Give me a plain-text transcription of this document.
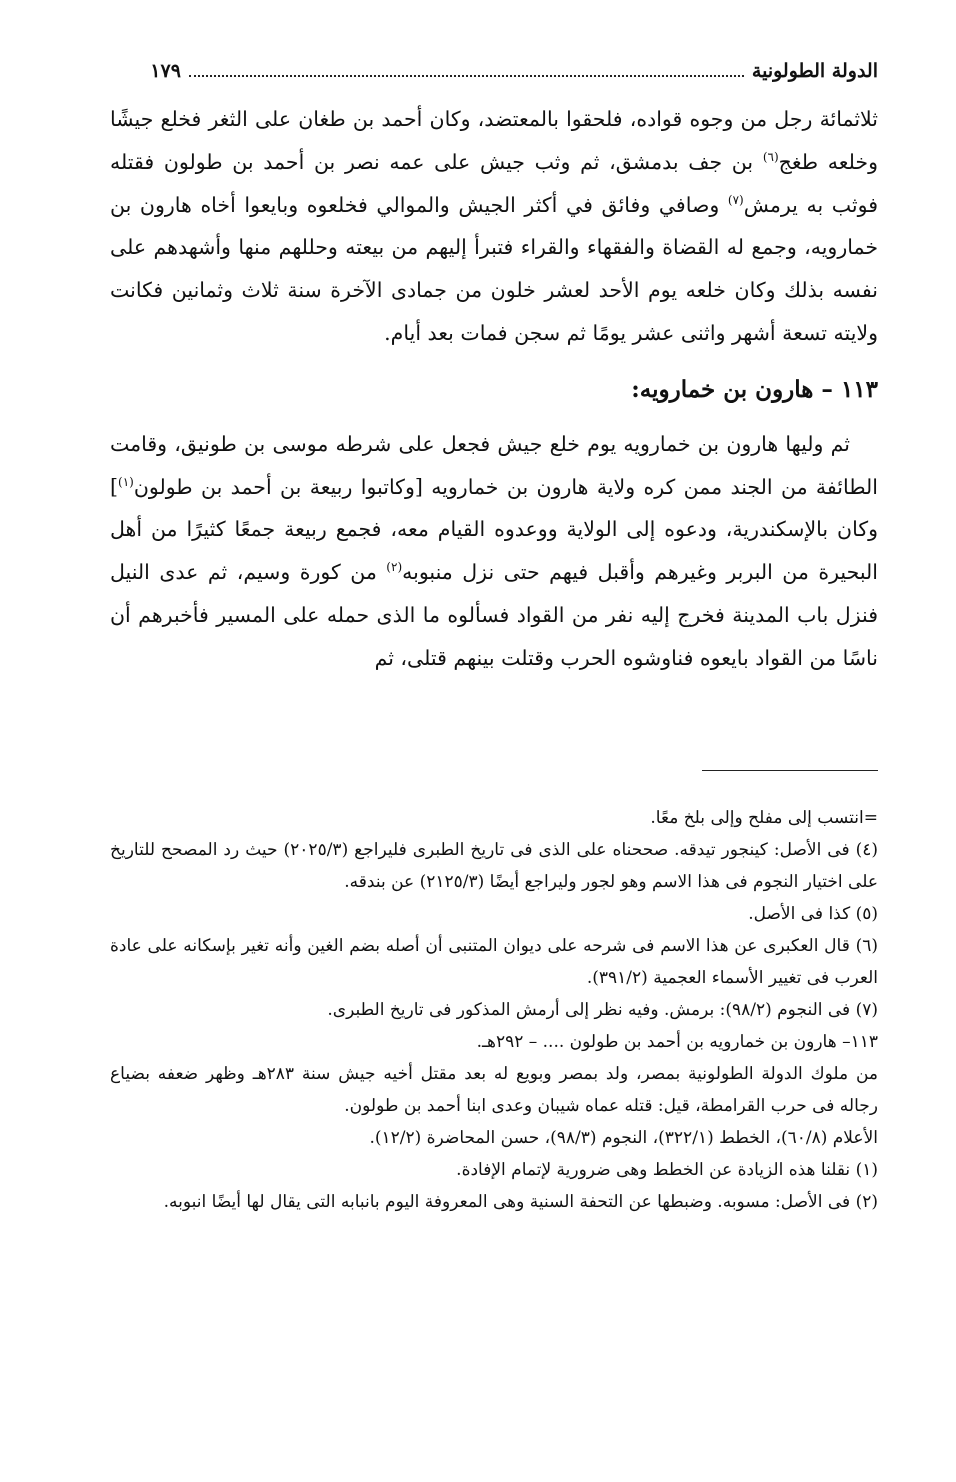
الدولة الطولونية
١٧٩

ثلاثمائة رجل من وجوه قواده، فلحقوا بالمعتضد، وكان أحمد بن طغان على الثغر فخلع جيشًا وخلعه طغج$^{(٦)}$ بن جف بدمشق، ثم وثب جيش على عمه نصر بن أحمد بن طولون فقتله فوثب به يرمش$^{(٧)}$ وصافي وفائق في أكثر الجيش والموالي فخلعوه وبايعوا أخاه هارون بن خمارويه، وجمع له القضاة والفقهاء والقراء فتبرأ إليهم من بيعته وحللهم منها وأشهدهم على نفسه بذلك وكان خلعه يوم الأحد لعشر خلون من جمادى الآخرة سنة ثلاث وثمانين فكانت ولايته تسعة أشهر واثنى عشر يومًا ثم سجن فمات بعد أيام.

١١٣ – هارون بن خمارويه:

ثم وليها هارون بن خمارويه يوم خلع جيش فجعل على شرطه موسى بن طونيق، وقامت الطائفة من الجند ممن كره ولاية هارون بن خمارويه [وكاتبوا ربيعة بن أحمد بن طولون$^{(١)}$] وكان بالإسكندرية، ودعوه إلى الولاية ووعدوه القيام معه، فجمع ربيعة جمعًا كثيرًا من أهل البحيرة من البربر وغيرهم وأقبل فيهم حتى نزل منبوبه$^{(٢)}$ من كورة وسيم، ثم عدى النيل فنزل باب المدينة فخرج إليه نفر من القواد فسألوه ما الذى حمله على المسير فأخبرهم أن ناسًا من القواد بايعوه فناوشوه الحرب وقتلت بينهم قتلى، ثم

=انتسب إلى مفلح وإلى بلخ معًا.

(٤) فى الأصل: كينجور تيدقه. صححناه على الذى فى تاريخ الطبرى فليراجع (٢٠٢٥/٣) حيث رد المصحح للتاريخ على اختيار النجوم فى هذا الاسم وهو لجور وليراجع أيضًا (٢١٢٥/٣) عن بندقه.

(٥) كذا فى الأصل.

(٦) قال العكبرى عن هذا الاسم فى شرحه على ديوان المتنبى أن أصله بضم الغين وأنه تغير بإسكانه على عادة العرب فى تغيير الأسماء العجمية (٣٩١/٢).

(٧) فى النجوم (٩٨/٢): برمش. وفيه نظر إلى أرمش المذكور فى تاريخ الطبرى.

١١٣– هارون بن خمارويه بن أحمد بن طولون .... – ٢٩٢هـ.

من ملوك الدولة الطولونية بمصر، ولد بمصر وبويع له بعد مقتل أخيه جيش سنة ٢٨٣هـ وظهر ضعفه بضياع رجاله فى حرب القرامطة، قيل: قتله عماه شيبان وعدى ابنا أحمد بن طولون.

الأعلام (٦٠/٨)، الخطط (٣٢٢/١)، النجوم (٩٨/٣)، حسن المحاضرة (١٢/٢).

(١) نقلنا هذه الزيادة عن الخطط وهى ضرورية لإتمام الإفادة.

(٢) فى الأصل: مسوبه. وضبطها عن التحفة السنية وهى المعروفة اليوم بانبابه التى يقال لها أيضًا انبوبه.
